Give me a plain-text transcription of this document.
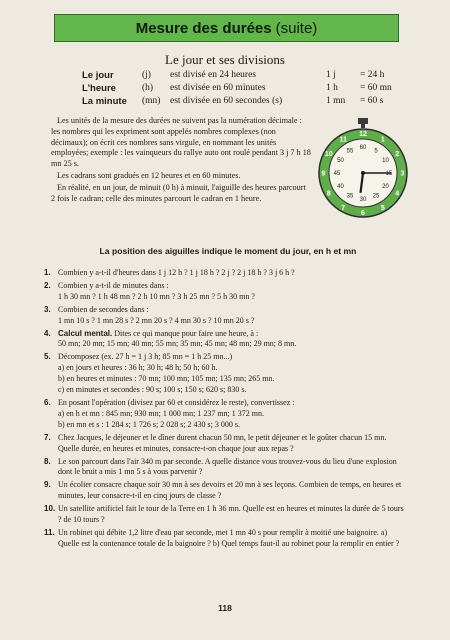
Mesure des durées (suite)
Le jour et ses divisions
Le jour	(j) est divisé en 24 heures	1 j	= 24 h
L'heure	(h) est divisée en 60 minutes	1 h = 60 mn
La minute (mn) est divisée en 60 secondes (s)	1 mn = 60 s

Les unités de la mesure des durées ne suivent pas la numération décimale : les nombres qui les expriment sont appelés nombres complexes (non décimaux); on écrit ces nombres sans virgule, en nommant les unités employées; exemple : les vainqueurs du rallye auto ont roulé pendant 3 j 7 h 18 mn 25 s.

Les cadrans sont gradués en 12 heures et en 60 minutes.

En réalité, en un jour, de minuit (0 h) à minuit, l'aiguille des heures parcourt 2 fois le cadran; celle des minutes parcourt le cadran en 1 heure.

12
1
2
3
4
5
6
7
8
9
10
11
60
5
10
15
20
25
30
35
40
45
50
55
La position des aiguilles indique le moment du jour, en h et mn
1. Combien y a-t-il d'heures dans 1 j 12 h ? 1 j 18 h ? 2 j ? 2 j 18 h ? 3 j 6 h ?
2. Combien y a-t-il de minutes dans :
1 h 30 mn ? 1 h 48 mn ? 2 h 10 mn ? 3 h 25 mn ? 5 h 30 mn ?
3. Combien de secondes dans :
1 mn 10 s ? 1 mn 28 s ? 2 mn 20 s ? 4 mn 30 s ? 10 mn 20 s ?
4. Calcul mental. Dites ce qui manque pour faire une heure, à :
50 mn; 20 mn; 15 mn; 40 mn; 55 mn; 35 mn; 45 mn; 48 mn; 29 mn; 8 mn.
5. Décomposez (ex. 27 h = 1 j 3 h; 85 mn = 1 h 25 mn...)
a) en jours et heures : 36 h; 30 h; 48 h; 50 h; 60 h.
b) en heures et minutes : 70 mn; 100 mn; 105 mn; 135 mn; 265 mn.
c) en minutes et secondes : 90 s; 100 s; 150 s; 620 s; 830 s.
6. En posant l'opération (divisez par 60 et considérez le reste), convertissez :
a) en h et mn : 845 mn; 930 mn; 1 000 mn; 1 237 mn; 1 372 mn.
b) en mn et s : 1 284 s; 1 726 s; 2 028 s; 2 430 s; 3 000 s.
7. Chez Jacques, le déjeuner et le dîner durent chacun 50 mn, le petit déjeuner et le goûter chacun 15 mn. Quelle durée, en heures et minutes, consacre-t-on chaque jour aux repas ?
8. Le son parcourt dans l'air 340 m par seconde. A quelle distance vous trouvez-vous du lieu d'une explosion dont le bruit a mis 1 mn 5 s à vous parvenir ?
9. Un écolier consacre chaque soir 30 mn à ses devoirs et 20 mn à ses leçons. Combien de temps, en heures et minutes, leur consacre-t-il en cinq jours de classe ?
10. Un satellite artificiel fait le tour de la Terre en 1 h 36 mn. Quelle est en heures et minutes la durée de 5 tours ? de 10 tours ?
11. Un robinet qui débite 1,2 litre d'eau par seconde, met 1 mn 40 s pour remplir à moitié une baignoire. a) Quelle est la contenance totale de la baignoire ? b) Quel temps faut-il au robinet pour la remplir en entier ?
118
